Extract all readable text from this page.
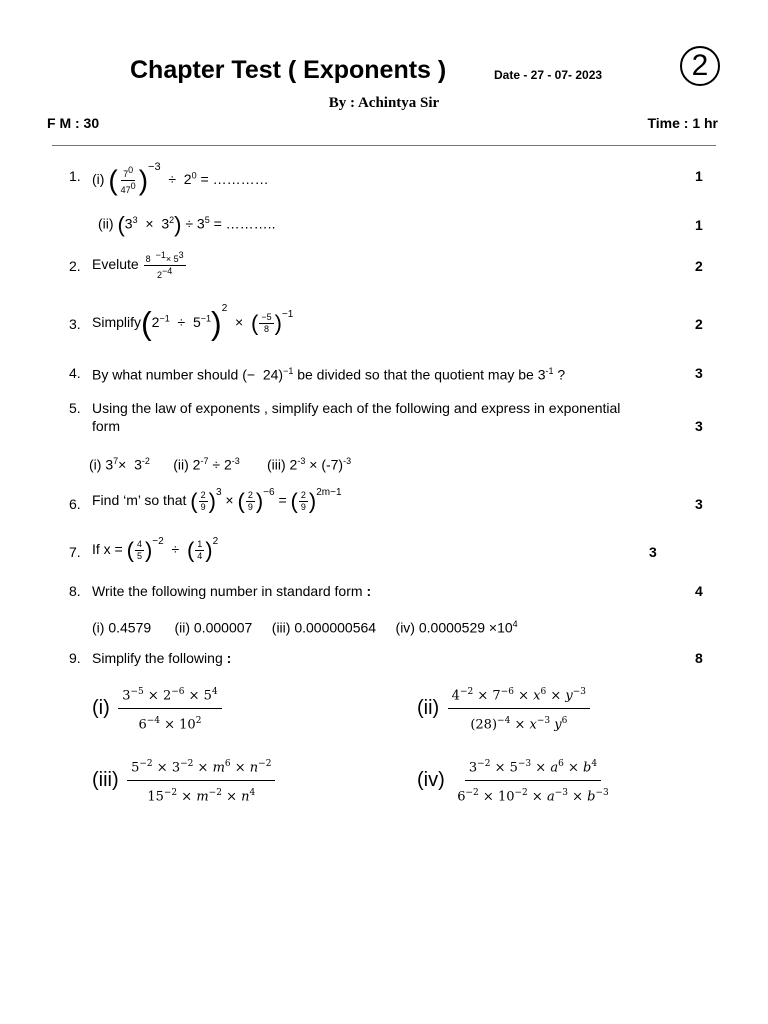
Chapter Test ( Exponents )	Date - 27 - 07- 2023	2
By : Achintya Sir
F M : 30	Time : 1 hr
1. (i) ( $\frac{7^0}{47^0} )^{-3} \div 2^0$ = …………	1
(ii) $(3^3 \times 3^2) \div 3^5$ = ………..	1
2. Evelute $\frac{8 ^{-1}\times 5^3}{2^{-4}}$	2
3. $Simplify(2^{-1} \div 5^{-1})^2$  ×  ( $\frac{-5}{8} )^{-1}$
2
4. By what number should (−  24)$^{-1}$ be divided so that the quotient may be $3^{-1}$ ?	3
5. Using the law of exponents , simplify each of the following and express in exponential
form	3
(i) $3^7\times 3^{-2}$ (ii) $2^{-7} \div 2^{-3}$ (iii) $2^{-3} \times (-7)^{-3}$
6. Find ‘m’ so that ( $\frac{2}{9} )^3$ × ( $\frac{2}{9} )^{-6}$ = ( $\frac{2}{9} )^{2m-1}$
3
7. If x = ( $\frac{4}{5} )^{-2}$  ÷  ( $\frac{1}{4} )^2$
3
8. Write the following number in standard form :	4
(i) 0.4579 (ii) 0.000007 (iii) 0.000000564 (iv) $0.0000529 \times 10^4$
9. Simplify the following :	8
$(i) \frac{3^{-5} \times 2^{-6} \times 5^4}{6^{-4} \times 10^2}$	$(ii) \frac{4^{-2} \times 7^{-6} \times x^6 \times y^{-3}}{(28)^{-4} \times x^{-3} y^6}$
$(iii) \frac{5^{-2} \times 3^{-2} \times m^6 \times n^{-2}}{15^{-2} \times m^{-2} \times n^4}$	$(iv) \frac{3^{-2} \times 5^{-3} \times a^6 \times b^4}{6^{-2} \times 10^{-2} \times a^{-3} \times b^{-3}}$
